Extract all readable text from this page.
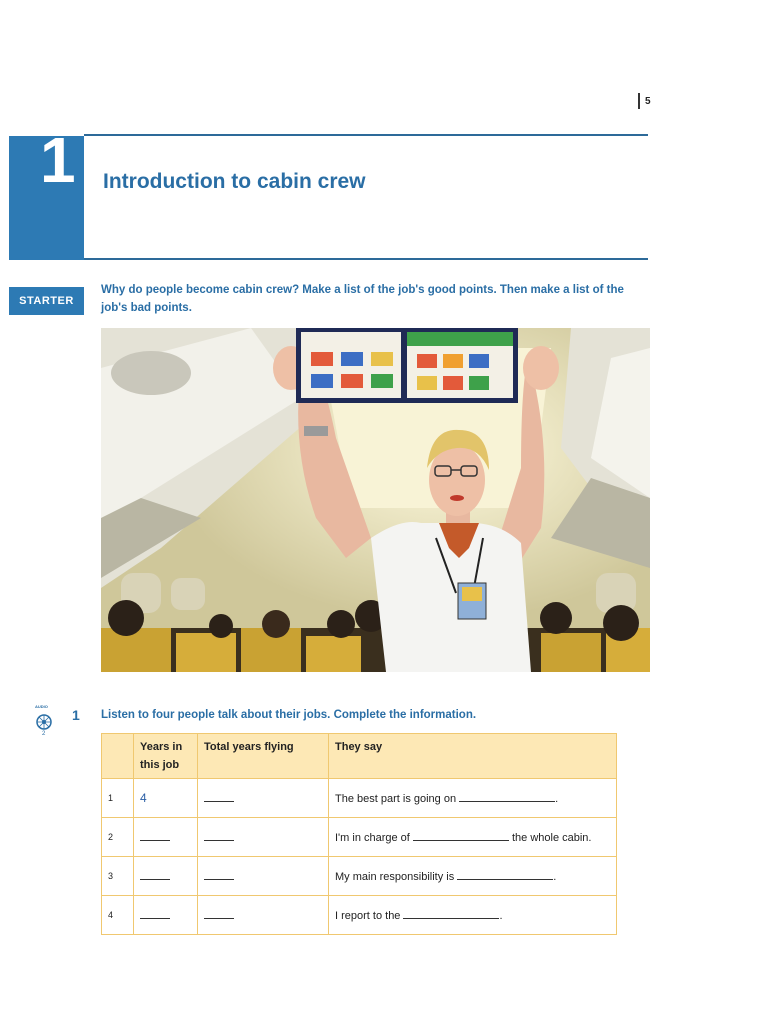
5
1 Introduction to cabin crew
STARTER
Why do people become cabin crew? Make a list of the job's good points. Then make a list of the job's bad points.
AUDIO
2
1 Listen to four people talk about their jobs. Complete the information.
	Years in this job	Total years flying	They say
1	4		The best part is going on .
2			I'm in charge of the whole cabin.
3			My main responsibility is .
4			I report to the .
